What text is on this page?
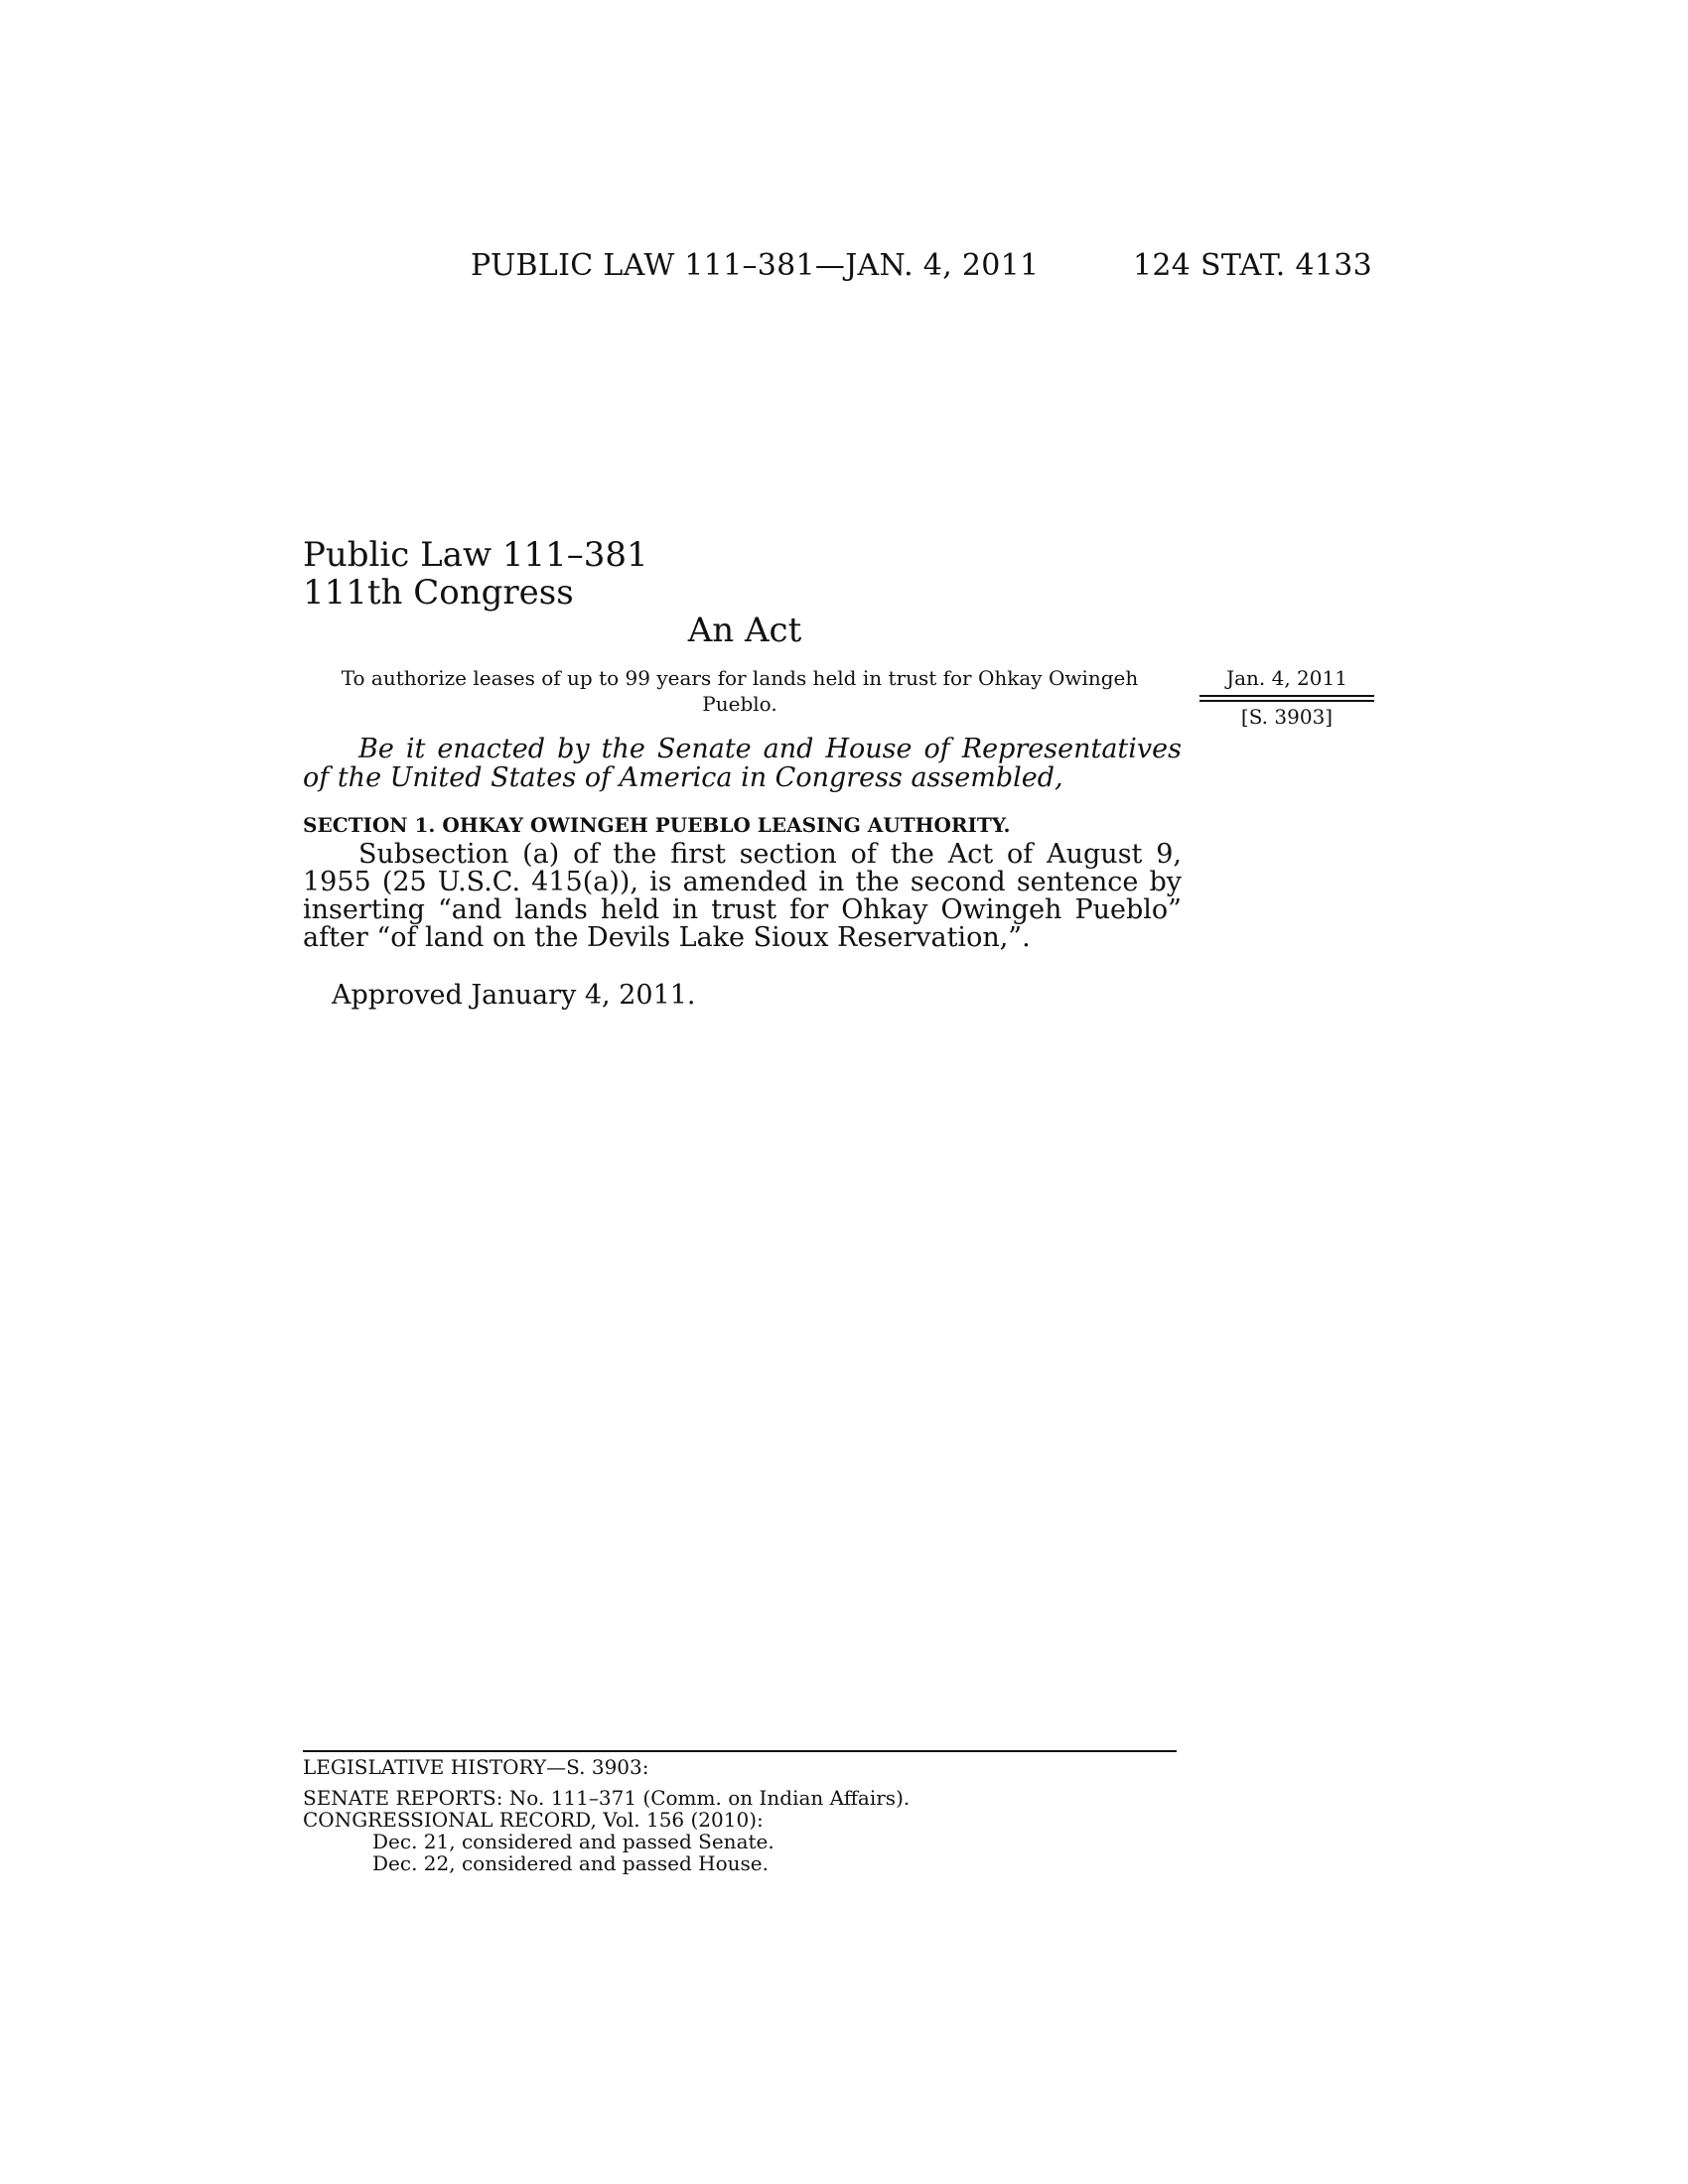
PUBLIC LAW 111–381—JAN. 4, 2011	124 STAT. 4133
Public Law 111–381
111th Congress
An Act
To authorize leases of up to 99 years for lands held in trust for Ohkay Owingeh Pueblo.
Jan. 4, 2011
[S. 3903]
Be it enacted by the Senate and House of Representatives of the United States of America in Congress assembled,
SECTION 1. OHKAY OWINGEH PUEBLO LEASING AUTHORITY.
Subsection (a) of the first section of the Act of August 9, 1955 (25 U.S.C. 415(a)), is amended in the second sentence by inserting “and lands held in trust for Ohkay Owingeh Pueblo” after “of land on the Devils Lake Sioux Reservation,”.
Approved January 4, 2011.
LEGISLATIVE HISTORY—S. 3903:
SENATE REPORTS: No. 111–371 (Comm. on Indian Affairs).
CONGRESSIONAL RECORD, Vol. 156 (2010):
Dec. 21, considered and passed Senate.
Dec. 22, considered and passed House.
